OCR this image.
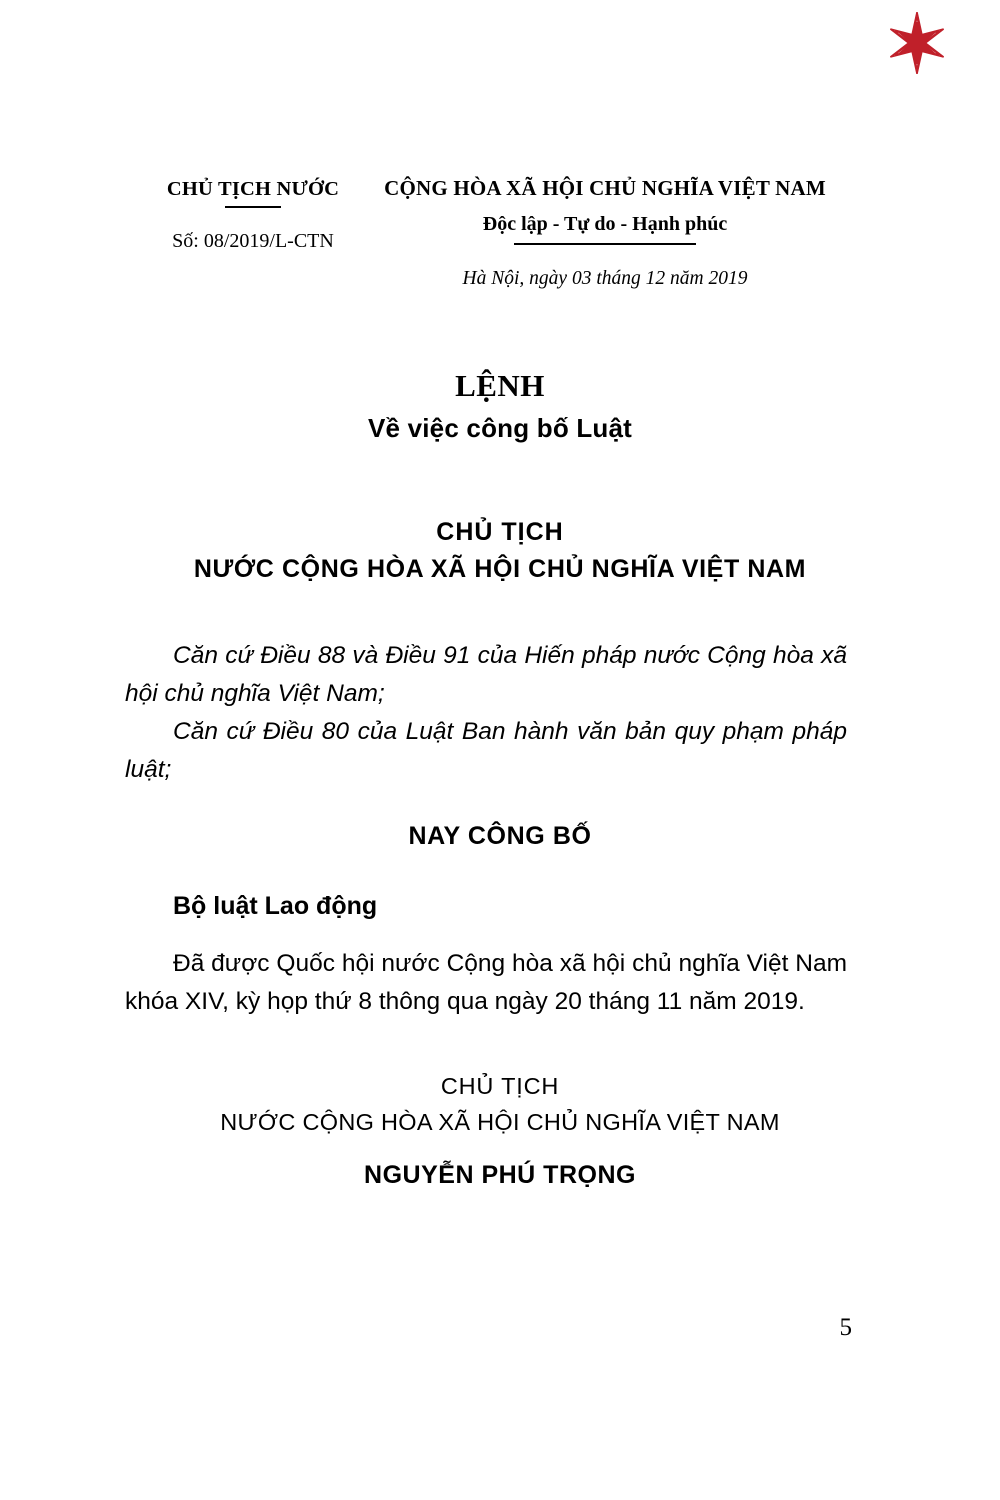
CHỦ TỊCH NƯỚC
Số: 08/2019/L-CTN
CỘNG HÒA XÃ HỘI CHỦ NGHĨA VIỆT NAM
Độc lập - Tự do - Hạnh phúc
Hà Nội, ngày 03 tháng 12 năm 2019
LỆNH
Về việc công bố Luật
CHỦ TỊCH
NƯỚC CỘNG HÒA XÃ HỘI CHỦ NGHĨA VIỆT NAM

Căn cứ Điều 88 và Điều 91 của Hiến pháp nước Cộng hòa xã hội chủ nghĩa Việt Nam;

Căn cứ Điều 80 của Luật Ban hành văn bản quy phạm pháp luật;

NAY CÔNG BỐ
Bộ luật Lao động

Đã được Quốc hội nước Cộng hòa xã hội chủ nghĩa Việt Nam khóa XIV, kỳ họp thứ 8 thông qua ngày 20 tháng 11 năm 2019.

CHỦ TỊCH
NƯỚC CỘNG HÒA XÃ HỘI CHỦ NGHĨA VIỆT NAM
NGUYỄN PHÚ TRỌNG
5
